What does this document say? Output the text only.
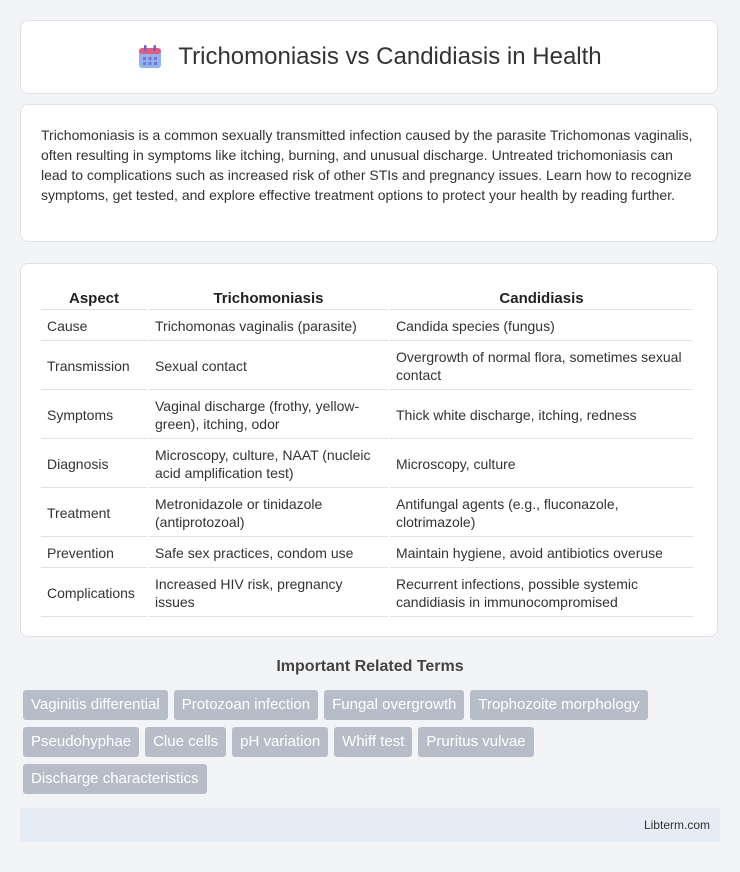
Trichomoniasis vs Candidiasis in Health

Trichomoniasis is a common sexually transmitted infection caused by the parasite Trichomonas vaginalis, often resulting in symptoms like itching, burning, and unusual discharge. Untreated trichomoniasis can lead to complications such as increased risk of other STIs and pregnancy issues. Learn how to recognize symptoms, get tested, and explore effective treatment options to protect your health by reading further.

Aspect	Trichomoniasis	Candidiasis
Cause	Trichomonas vaginalis (parasite)	Candida species (fungus)
Transmission	Sexual contact	Overgrowth of normal flora, sometimes sexual contact
Symptoms	Vaginal discharge (frothy, yellow-green), itching, odor	Thick white discharge, itching, redness
Diagnosis	Microscopy, culture, NAAT (nucleic acid amplification test)	Microscopy, culture
Treatment	Metronidazole or tinidazole (antiprotozoal)	Antifungal agents (e.g., fluconazole, clotrimazole)
Prevention	Safe sex practices, condom use	Maintain hygiene, avoid antibiotics overuse
Complications	Increased HIV risk, pregnancy issues	Recurrent infections, possible systemic candidiasis in immunocompromised
Important Related Terms
Vaginitis differential	Protozoan infection	Fungal overgrowth	Trophozoite morphology
Pseudohyphae	Clue cells	pH variation	Whiff test	Pruritus vulvae
Discharge characteristics
Libterm.com
